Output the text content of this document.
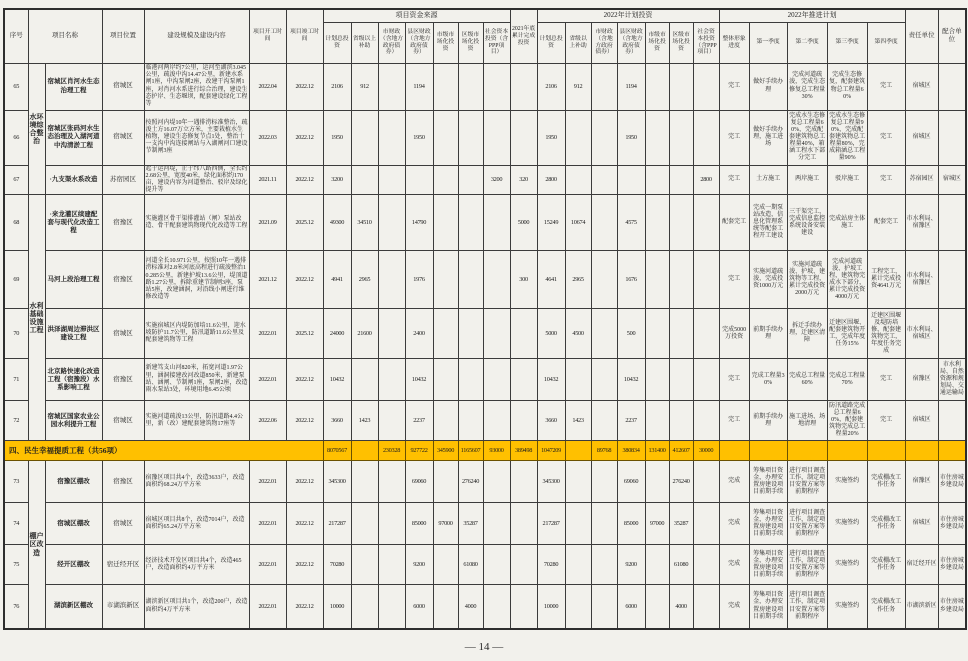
序号	项目名称		项目位置	建设规模及建设内容	项目开工时间	项目竣工时间	项目资金来源							2021年底累计完成投资	2022年计划投资							2022年推进计划					责任单位	配合单位
							计划总投资	省级以上补助	市财政（含地方政府债券）	县区财政（含地方政府债券）	市级市场化投资	区级市场化投资	社会资本投资（含PPP项目）		计划总投资	省级以上补助	市财政（含地方政府债券）	县区财政（含地方政府债券）	市级市场化投资	区级市场化投资	社会资本投资（含PPP项目）	整体形象进度	第一季度	第二季度	第三季度	第四季度		
65	水环境综合整治	宿城区肖河水生态治理工程	宿城区	临港河两岸约7公里，运河至湖滨3.045公里，疏浚中沟14.47公里，新建水系闸1座，中沟泵闸2座，改建干沟泵闸1座，对肖河水系进行综合治理，建设生态护岸、生态堰坝，配套建设绿化工程等	2022.04	2022.12	2106	912		1194					2106	912		1194				完工	做好手续办理	完成河道疏浚，完成生态修复总工程量30%	完成生态修复，配套建筑物总工程量60%	完工	宿城区	
66		宿城区张码河水生态治理及入湖河道中沟清淤工程	宿城区	按照河内堤10年一遇排涝标准整治，疏浚土方16.07万立方米，主要栽植水生植物，建设生态修复节点1处，整治十一支沟中沟连接闸站与入湖闸河口建设节制闸3座	2022.03	2022.12	1950			1950					1950			1950				完工	做好手续办理，施工进场	完成水生态修复总工程量60%，完成配套建筑物总工程量40%，箱涵工程水下部分完工	完成水生态修复总工程量90%，完成配套建筑物总工程量80%，完成箱涵总工程量90%	完工	宿城区	
67		·九支渠水系改造	苏宿园区	起于运河堤，止于纬八路西侧，全长约2.68公里，宽度40米，绿化面积约170亩，建设内容为河道整治、驳岸及绿化提升等	2021.11	2022.12	3200						3200	320	2800						2800	完工	土方施工	两岸施工	驳岸施工	完工	苏宿园区	宿城区
68	水利基础设施工程	·来龙灌区续建配套与现代化改造工程	宿豫区	实施灌区骨干渠排灌站（闸）泵站改造、骨干配套建筑物现代化改造等工程	2021.09	2025.12	49300	34510		14790				5000	15249	10674		4575				配套完工	完成一期泵站改造，信息化管理系统等配套工程开工建设	三干渠完工，完成信息监控系统设备安装建设	完成站房主体施工	配套完工	市水利局、宿豫区	
69		马河上段治理工程	宿豫区	河道全长10.971公里，按照10年一遇排涝标准对2.8米河底高程进行疏浚整治10.285公里，新建护坡13.6公里，堤顶道路1.27公里，拆除重建节制闸3座，泵站5座，改建涵洞，对沿线小闸进行维修改造等	2021.12	2022.12	4941	2965		1976				300	4641	2965		1676				完工	实施河道疏浚，完成投资1000万元	实施河道疏浚、护坡、建筑物等工程，累计完成投资2000万元	完成河道疏浚、护坡工程，建筑物完成水下部分，累计完成投资4000万元	工程完工，累计完成投资4641万元	市水利局、宿豫区	
70		洪泽湖周边滞洪区建设工程	宿城区	实施宿城区内堤防加培11.6公里，迎水坡防护11.7公里，防汛道路11.6公里及配套建筑物等工程	2022.01	2025.12	24000	21600		2400					5000	4500		500				完成5000万投资	前期手续办理	拆迁手续办理，迁建区清障	迁建区围堰、配套建筑物开工，完成年度任务15%	迁建区围堰及堤防培修，配套建筑物完工，年度任务完成	市水利局、宿城区	
71		北京路快速化改造工程（宿豫段）水系影响工程	宿豫区	新建笃支山河820米，拓宽河道1.97公里，涵洞接建改河改道850米，新建泵站、涵闸、节制闸1座，泵闸2座，改造雨水泵站3处，环境用地6.45公顷	2022.01	2022.12	10432			10432					10432			10432				完工	完成工程量30%	完成总工程量60%	完成总工程量70%	完工	宿豫区	市水利局、自然资源和规划局、交通运输局
72		宿城区国家农业公园水利提升工程	宿城区	实施河道疏浚13公里，防汛道路4.4公里，新（改）建配套建筑物17座等	2022.06	2022.12	3660	1423		2237					3660	1423		2237				完工	前期手续办理	施工进场、场地清理	防汛道路完成总工程量60%，配套建筑物完成总工程量20%	完工	宿城区	
四、民生幸福提质工程（共56项）							8070567		230328	927722	345900	1165607	93000	389498	1047209		89768	380834	131400	412607	30000							
73	棚户区改造	宿豫区棚改	宿豫区	宿豫区项目共4个，改造3633户，改造面积约68.24万平方米	2022.01	2022.12	345300			69060		276240			345300			69060		276240		完成	筹集项目资金，办理安置房建设项目前期手续	进行项目调查工作，制定项目安置方案等前期程序	实施签约	完成棚改工作任务	宿豫区	市住房城乡建设局
74		宿城区棚改	宿城区	宿城区项目共8个，改造7014户，改造面积约65.24万平方米	2022.01	2022.12	217287			85000	97000	35287			217287			85000	97000	35287		完成	筹集项目资金，办理安置房建设项目前期手续	进行项目调查工作，制定项目安置方案等前期程序	实施签约	完成棚改工作任务	宿城区	市住房城乡建设局
75		经开区棚改	宿迁经开区	经济技术开发区项目共4个，改造465户，改造面积约4万平方米	2022.01	2022.12	70280			9200		61080			70280			9200		61080		完成	筹集项目资金，办理安置房建设项目前期手续	进行项目调查工作，制定项目安置方案等前期程序	实施签约	完成棚改工作任务	宿迁经开区	市住房城乡建设局
76		湖滨新区棚改	市湖滨新区	湖滨新区项目共1个，改造200户，改造面积约4万平方米	2022.01	2022.12	10000			6000		4000			10000			6000		4000		完成	筹集项目资金，办理安置房建设项目前期手续	进行项目调查工作，制定项目安置方案等前期程序	实施签约	完成棚改工作任务	市湖滨新区	市住房城乡建设局
— 14 —
